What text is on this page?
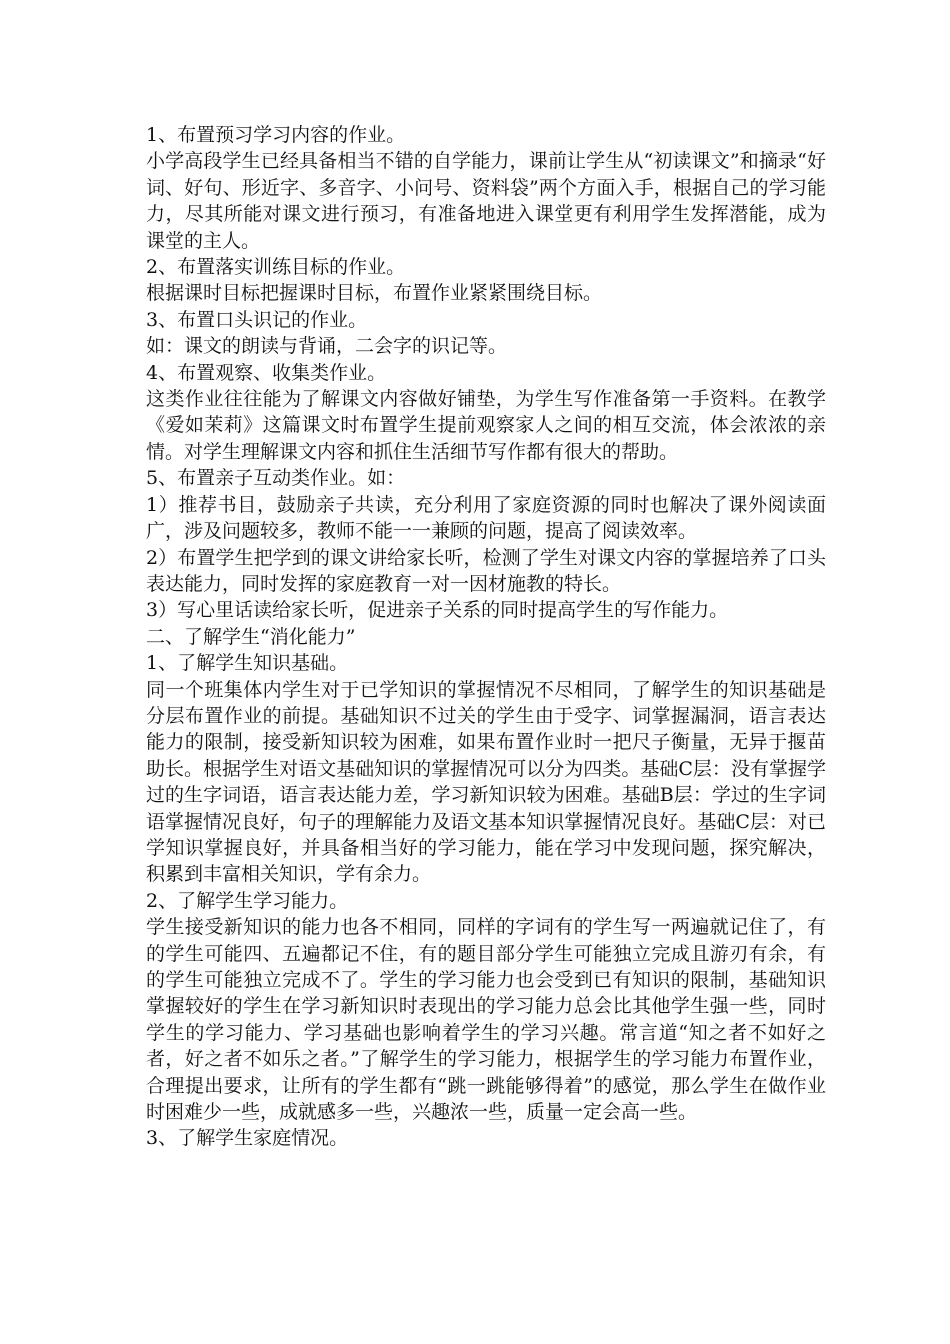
1、布置预习学习内容的作业。

小学高段学生已经具备相当不错的自学能力，课前让学生从“初读课文”和摘录“好词、好句、形近字、多音字、小问号、资料袋”两个方面入手，根据自己的学习能力，尽其所能对课文进行预习，有准备地进入课堂更有利用学生发挥潜能，成为课堂的主人。

2、布置落实训练目标的作业。

根据课时目标把握课时目标，布置作业紧紧围绕目标。

3、布置口头识记的作业。

如：课文的朗读与背诵，二会字的识记等。

4、布置观察、收集类作业。

这类作业往往能为了解课文内容做好铺垫，为学生写作准备第一手资料。在教学《爱如茉莉》这篇课文时布置学生提前观察家人之间的相互交流，体会浓浓的亲情。对学生理解课文内容和抓住生活细节写作都有很大的帮助。

5、布置亲子互动类作业。如：

1）推荐书目，鼓励亲子共读，充分利用了家庭资源的同时也解决了课外阅读面广，涉及问题较多，教师不能一一兼顾的问题，提高了阅读效率。

2）布置学生把学到的课文讲给家长听，检测了学生对课文内容的掌握培养了口头表达能力，同时发挥的家庭教育一对一因材施教的特长。

3）写心里话读给家长听，促进亲子关系的同时提高学生的写作能力。

二、了解学生“消化能力”

1、了解学生知识基础。

同一个班集体内学生对于已学知识的掌握情况不尽相同，了解学生的知识基础是分层布置作业的前提。基础知识不过关的学生由于受字、词掌握漏洞，语言表达能力的限制，接受新知识较为困难，如果布置作业时一把尺子衡量，无异于揠苗助长。根据学生对语文基础知识的掌握情况可以分为四类。基础C层：没有掌握学过的生字词语，语言表达能力差，学习新知识较为困难。基础B层：学过的生字词语掌握情况良好，句子的理解能力及语文基本知识掌握情况良好。基础C层：对已学知识掌握良好，并具备相当好的学习能力，能在学习中发现问题，探究解决，积累到丰富相关知识，学有余力。

2、了解学生学习能力。

学生接受新知识的能力也各不相同，同样的字词有的学生写一两遍就记住了，有的学生可能四、五遍都记不住，有的题目部分学生可能独立完成且游刃有余，有的学生可能独立完成不了。学生的学习能力也会受到已有知识的限制，基础知识掌握较好的学生在学习新知识时表现出的学习能力总会比其他学生强一些，同时学生的学习能力、学习基础也影响着学生的学习兴趣。常言道“知之者不如好之者，好之者不如乐之者。”了解学生的学习能力，根据学生的学习能力布置作业，合理提出要求，让所有的学生都有“跳一跳能够得着”的感觉，那么学生在做作业时困难少一些，成就感多一些，兴趣浓一些，质量一定会高一些。

3、了解学生家庭情况。
